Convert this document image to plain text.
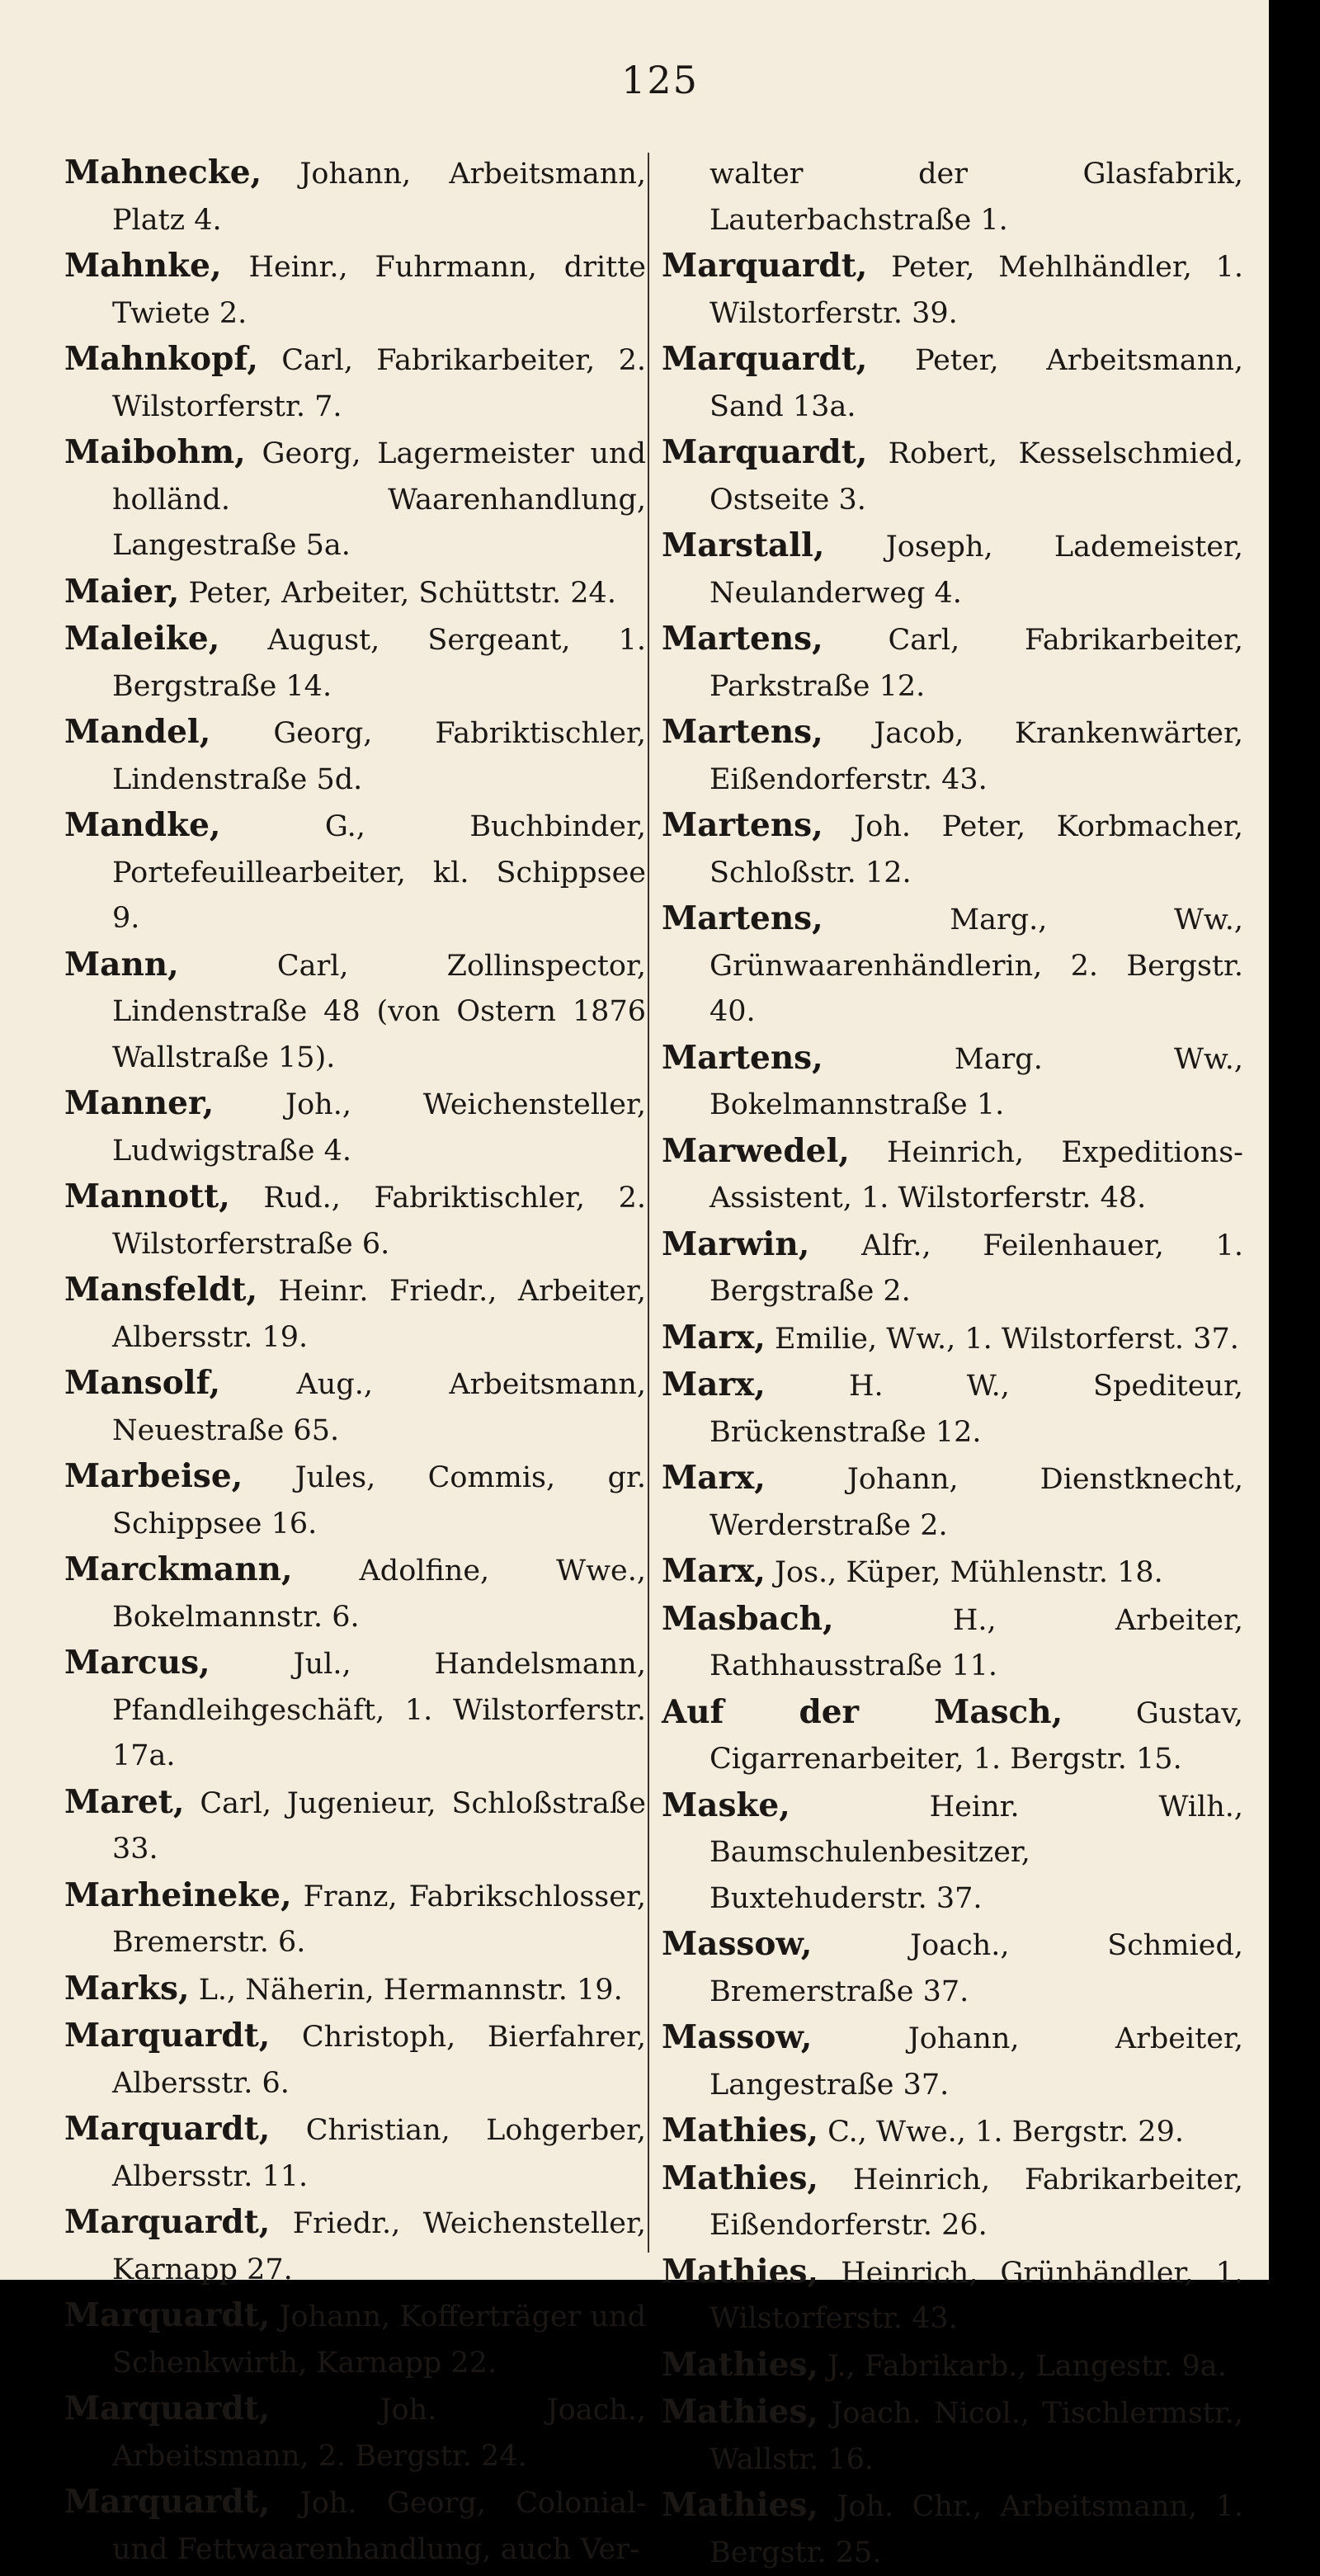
125

Mahnecke, Johann, Arbeitsmann, Platz 4.

Mahnke, Heinr., Fuhrmann, dritte Twiete 2.

Mahnkopf, Carl, Fabrikarbeiter, 2. Wilstorferstr. 7.

Maibohm, Georg, Lagermeister und holländ. Waarenhandlung, Langestraße 5a.

Maier, Peter, Arbeiter, Schüttstr. 24.

Maleike, August, Sergeant, 1. Bergstraße 14.

Mandel, Georg, Fabriktischler, Lindenstraße 5d.

Mandke,	G., Buchbinder, Portefeuillearbeiter, kl. Schippsee 9.

Mann,	Carl, Zollinspector, Lindenstraße 48 (von Ostern 1876 Wallstraße 15).

Manner, Joh., Weichensteller, Ludwigstraße 4.

Mannott, Rud., Fabriktischler, 2. Wilstorferstraße 6.

Mansfeldt, Heinr. Friedr., Arbeiter, Albersstr. 19.

Mansolf,	Aug., Arbeitsmann, Neuestraße 65.

Marbeise, Jules, Commis, gr. Schippsee 16.

Marckmann, Adolfine, Wwe., Bokelmannstr. 6.

Marcus,	Jul., Handelsmann, Pfandleihgeschäft, 1. Wilstorferstr. 17a.

Maret, Carl, Jugenieur, Schloßstraße 33.

Marheineke, Franz, Fabrikschlosser, Bremerstr. 6.

Marks, L., Näherin, Hermannstr. 19.

Marquardt, Christoph, Bierfahrer, Albersstr. 6.

Marquardt, Christian, Lohgerber, Albersstr. 11.

Marquardt, Friedr., Weichensteller, Karnapp 27.

Marquardt, Johann, Kofferträger und Schenkwirth, Karnapp 22.

Marquardt,	Joh. Joach., Arbeitsmann, 2. Bergstr. 24.

Marquardt, Joh. Georg, Colonial- und Fettwaarenhandlung, auch Ver-

walter der Glasfabrik, Lauterbachstraße 1.

Marquardt, Peter, Mehlhändler, 1. Wilstorferstr. 39.

Marquardt, Peter, Arbeitsmann, Sand 13a.

Marquardt, Robert, Kesselschmied, Ostseite 3.

Marstall, Joseph, Lademeister, Neulanderweg 4.

Martens, Carl, Fabrikarbeiter, Parkstraße 12.

Martens, Jacob, Krankenwärter, Eißendorferstr. 43.

Martens, Joh. Peter, Korbmacher, Schloßstr. 12.

Martens,	Marg., Ww., Grünwaarenhändlerin, 2. Bergstr. 40.

Martens,	Marg. Ww., Bokelmannstraße 1.

Marwedel, Heinrich, Expeditions-Assistent, 1. Wilstorferstr. 48.

Marwin, Alfr., Feilenhauer, 1. Bergstraße 2.

Marx, Emilie, Ww., 1. Wilstorferst. 37.

Marx,	H. W., Spediteur, Brückenstraße 12.

Marx,	Johann, Dienstknecht, Werderstraße 2.

Marx, Jos., Küper, Mühlenstr. 18.

Masbach,	H., Arbeiter, Rathhausstraße 11.

Auf der Masch,	Gustav, Cigarrenarbeiter, 1. Bergstr. 15.

Maske,	Heinr. Wilh., Baumschulenbesitzer, Buxtehuderstr. 37.

Massow,	Joach., Schmied, Bremerstraße 37.

Massow,	Johann, Arbeiter, Langestraße 37.

Mathies, C., Wwe., 1. Bergstr. 29.

Mathies, Heinrich, Fabrikarbeiter, Eißendorferstr. 26.

Mathies, Heinrich, Grünhändler, 1. Wilstorferstr. 43.

Mathies, J., Fabrikarb., Langestr. 9a.

Mathies, Joach. Nicol., Tischlermstr., Wallstr. 16.

Mathies, Joh. Chr., Arbeitsmann, 1. Bergstr. 25.
